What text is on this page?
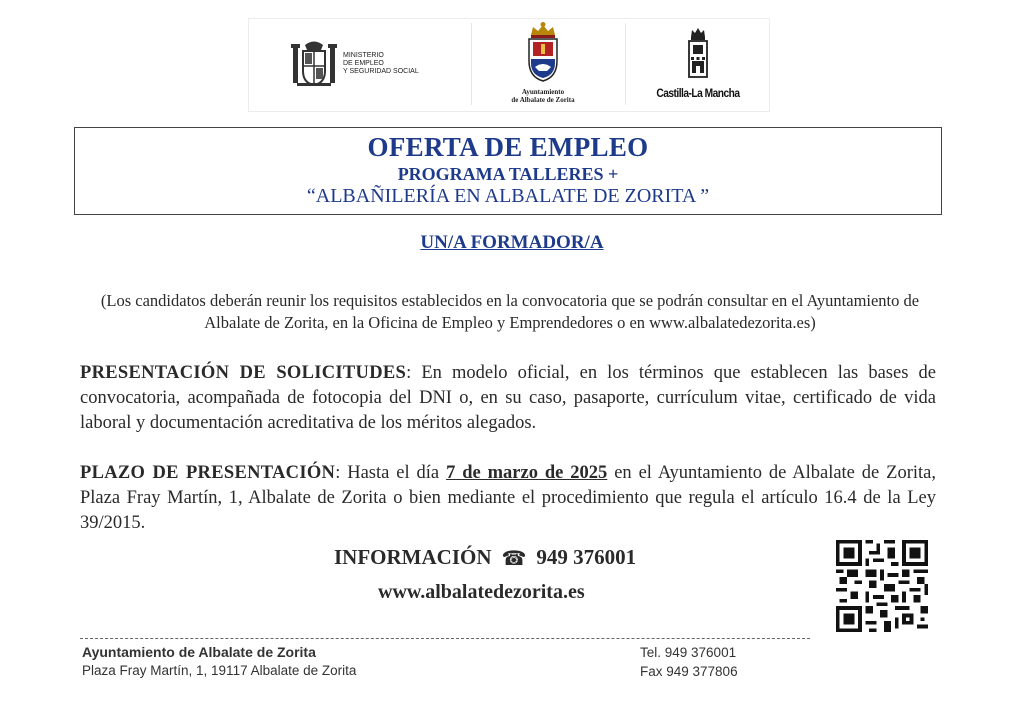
MINISTERIO
DE EMPLEO
Y SEGURIDAD SOCIAL
Ayuntamiento
de Albalate de Zorita	Castilla-La Mancha
OFERTA DE EMPLEO
PROGRAMA TALLERES +
“ALBAÑILERÍA EN ALBALATE DE ZORITA ”
UN/A FORMADOR/A
(Los candidatos deberán reunir los requisitos establecidos en la convocatoria que se podrán consultar en el Ayuntamiento de Albalate de Zorita, en la Oficina de Empleo y Emprendedores o en www.albalatedezorita.es)
PRESENTACIÓN DE SOLICITUDES: En modelo oficial, en los términos que establecen las bases de convocatoria, acompañada de fotocopia del DNI o, en su caso, pasaporte, currículum vitae, certificado de vida laboral y documentación acreditativa de los méritos alegados.
PLAZO DE PRESENTACIÓN: Hasta el día 7 de marzo de 2025 en el Ayuntamiento de Albalate de Zorita, Plaza Fray Martín, 1, Albalate de Zorita o bien mediante el procedimiento que regula el artículo 16.4 de la Ley 39/2015.
INFORMACIÓN ☎ 949 376001
www.albalatedezorita.es
Ayuntamiento de Albalate de Zorita
Plaza Fray Martín, 1, 19117 Albalate de Zorita
Tel. 949 376001
Fax 949 377806
